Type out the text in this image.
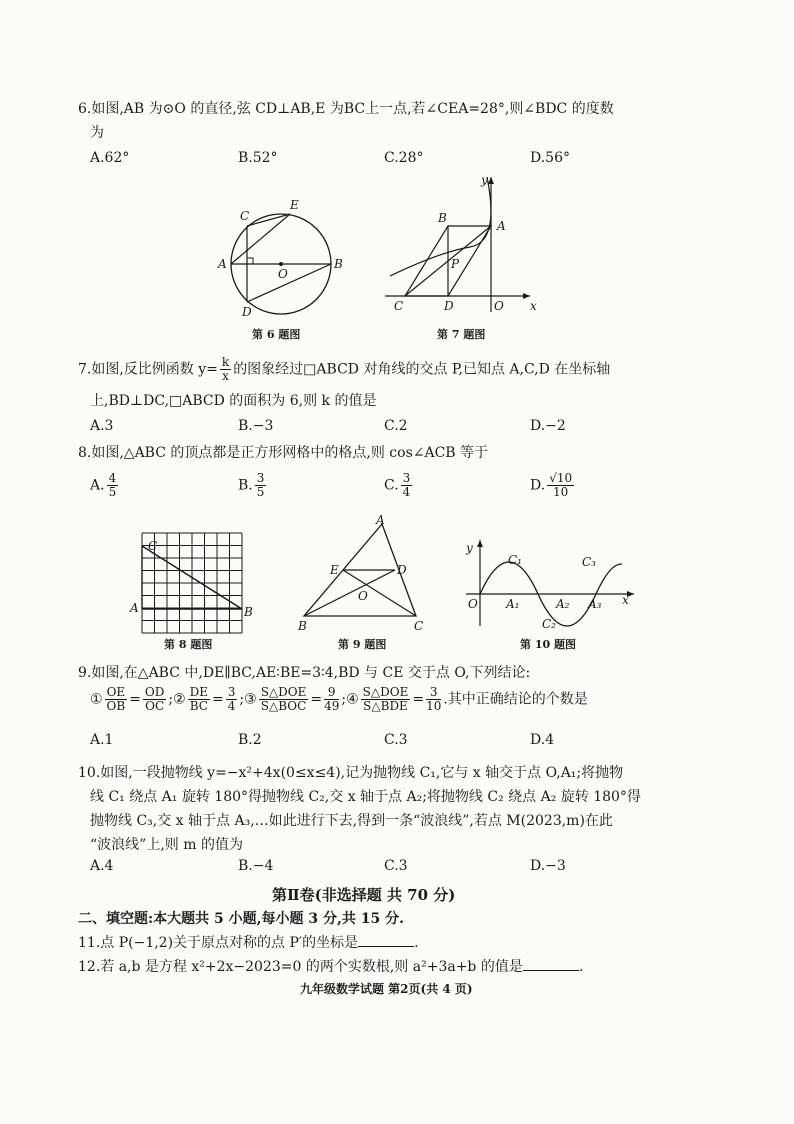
6.如图,AB 为⊙O 的直径,弦 CD⊥AB,E 为BC上一点,若∠CEA=28°,则∠BDC 的度数
为
A.62°	B.52°	C.28°	D.56°
C
E
A
O
B
D
第 6 题图
y
B
A
P
C	D	O x
第 7 题图
7.如图,反比例函数 $y= \frac{k}{x}$ 的图象经过□ABCD 对角线的交点 P,已知点 A,C,D 在坐标轴
上,BD⊥DC,□ABCD 的面积为 6,则 k 的值是
A.3	B.−3	C.2	D.−2
8.如图,△ABC 的顶点都是正方形网格中的格点,则 cos∠ACB 等于
A. $\frac{4}{5}$	B. $\frac{3}{5}$	C. $\frac{3}{4}$	D. $\frac{√10}{10}$
C
A	B
第 8 题图
A
E	D
O
B	C
第 9 题图
y
C₁	C₃
O A₁	A₂ A₃ x
C₂
第 10 题图
9.如图,在△ABC 中,DE∥BC,AE∶BE=3∶4,BD 与 CE 交于点 O,下列结论:
① $\frac{OE}{OB} = \frac{OD}{OC}$ ;② $\frac{DE}{BC} = \frac{3}{4}$ ;③ $\frac{\text{S△DOE}}{\text{S△BOC}} = \frac{9}{49}$ ;④ $\frac{\text{S△DOE}}{\text{S△BDE}} = \frac{3}{10}$ .其中正确结论的个数是
A.1	B.2	C.3	D.4
10.如图,一段抛物线 y=−x²+4x(0≤x≤4),记为抛物线 C₁,它与 x 轴交于点 O,A₁;将抛物
线 C₁ 绕点 A₁ 旋转 180°得抛物线 C₂,交 x 轴于点 A₂;将抛物线 C₂ 绕点 A₂ 旋转 180°得
抛物线 C₃,交 x 轴于点 A₃,…如此进行下去,得到一条“波浪线”,若点 M(2023,m)在此
“波浪线”上,则 m 的值为
A.4	B.−4	C.3	D.−3
第Ⅱ卷(非选择题 共 70 分)
二、填空题:本大题共 5 小题,每小题 3 分,共 15 分.
11.点 P(−1,2)关于原点对称的点 P′的坐标是	.
12.若 a,b 是方程 x²+2x−2023=0 的两个实数根,则 a²+3a+b 的值是	.
九年级数学试题 第2页(共 4 页)
